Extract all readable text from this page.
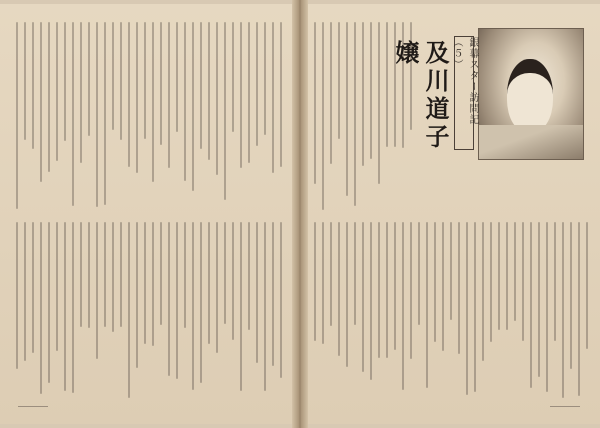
銀幕スター訪問記（５）
及川道子嬢
